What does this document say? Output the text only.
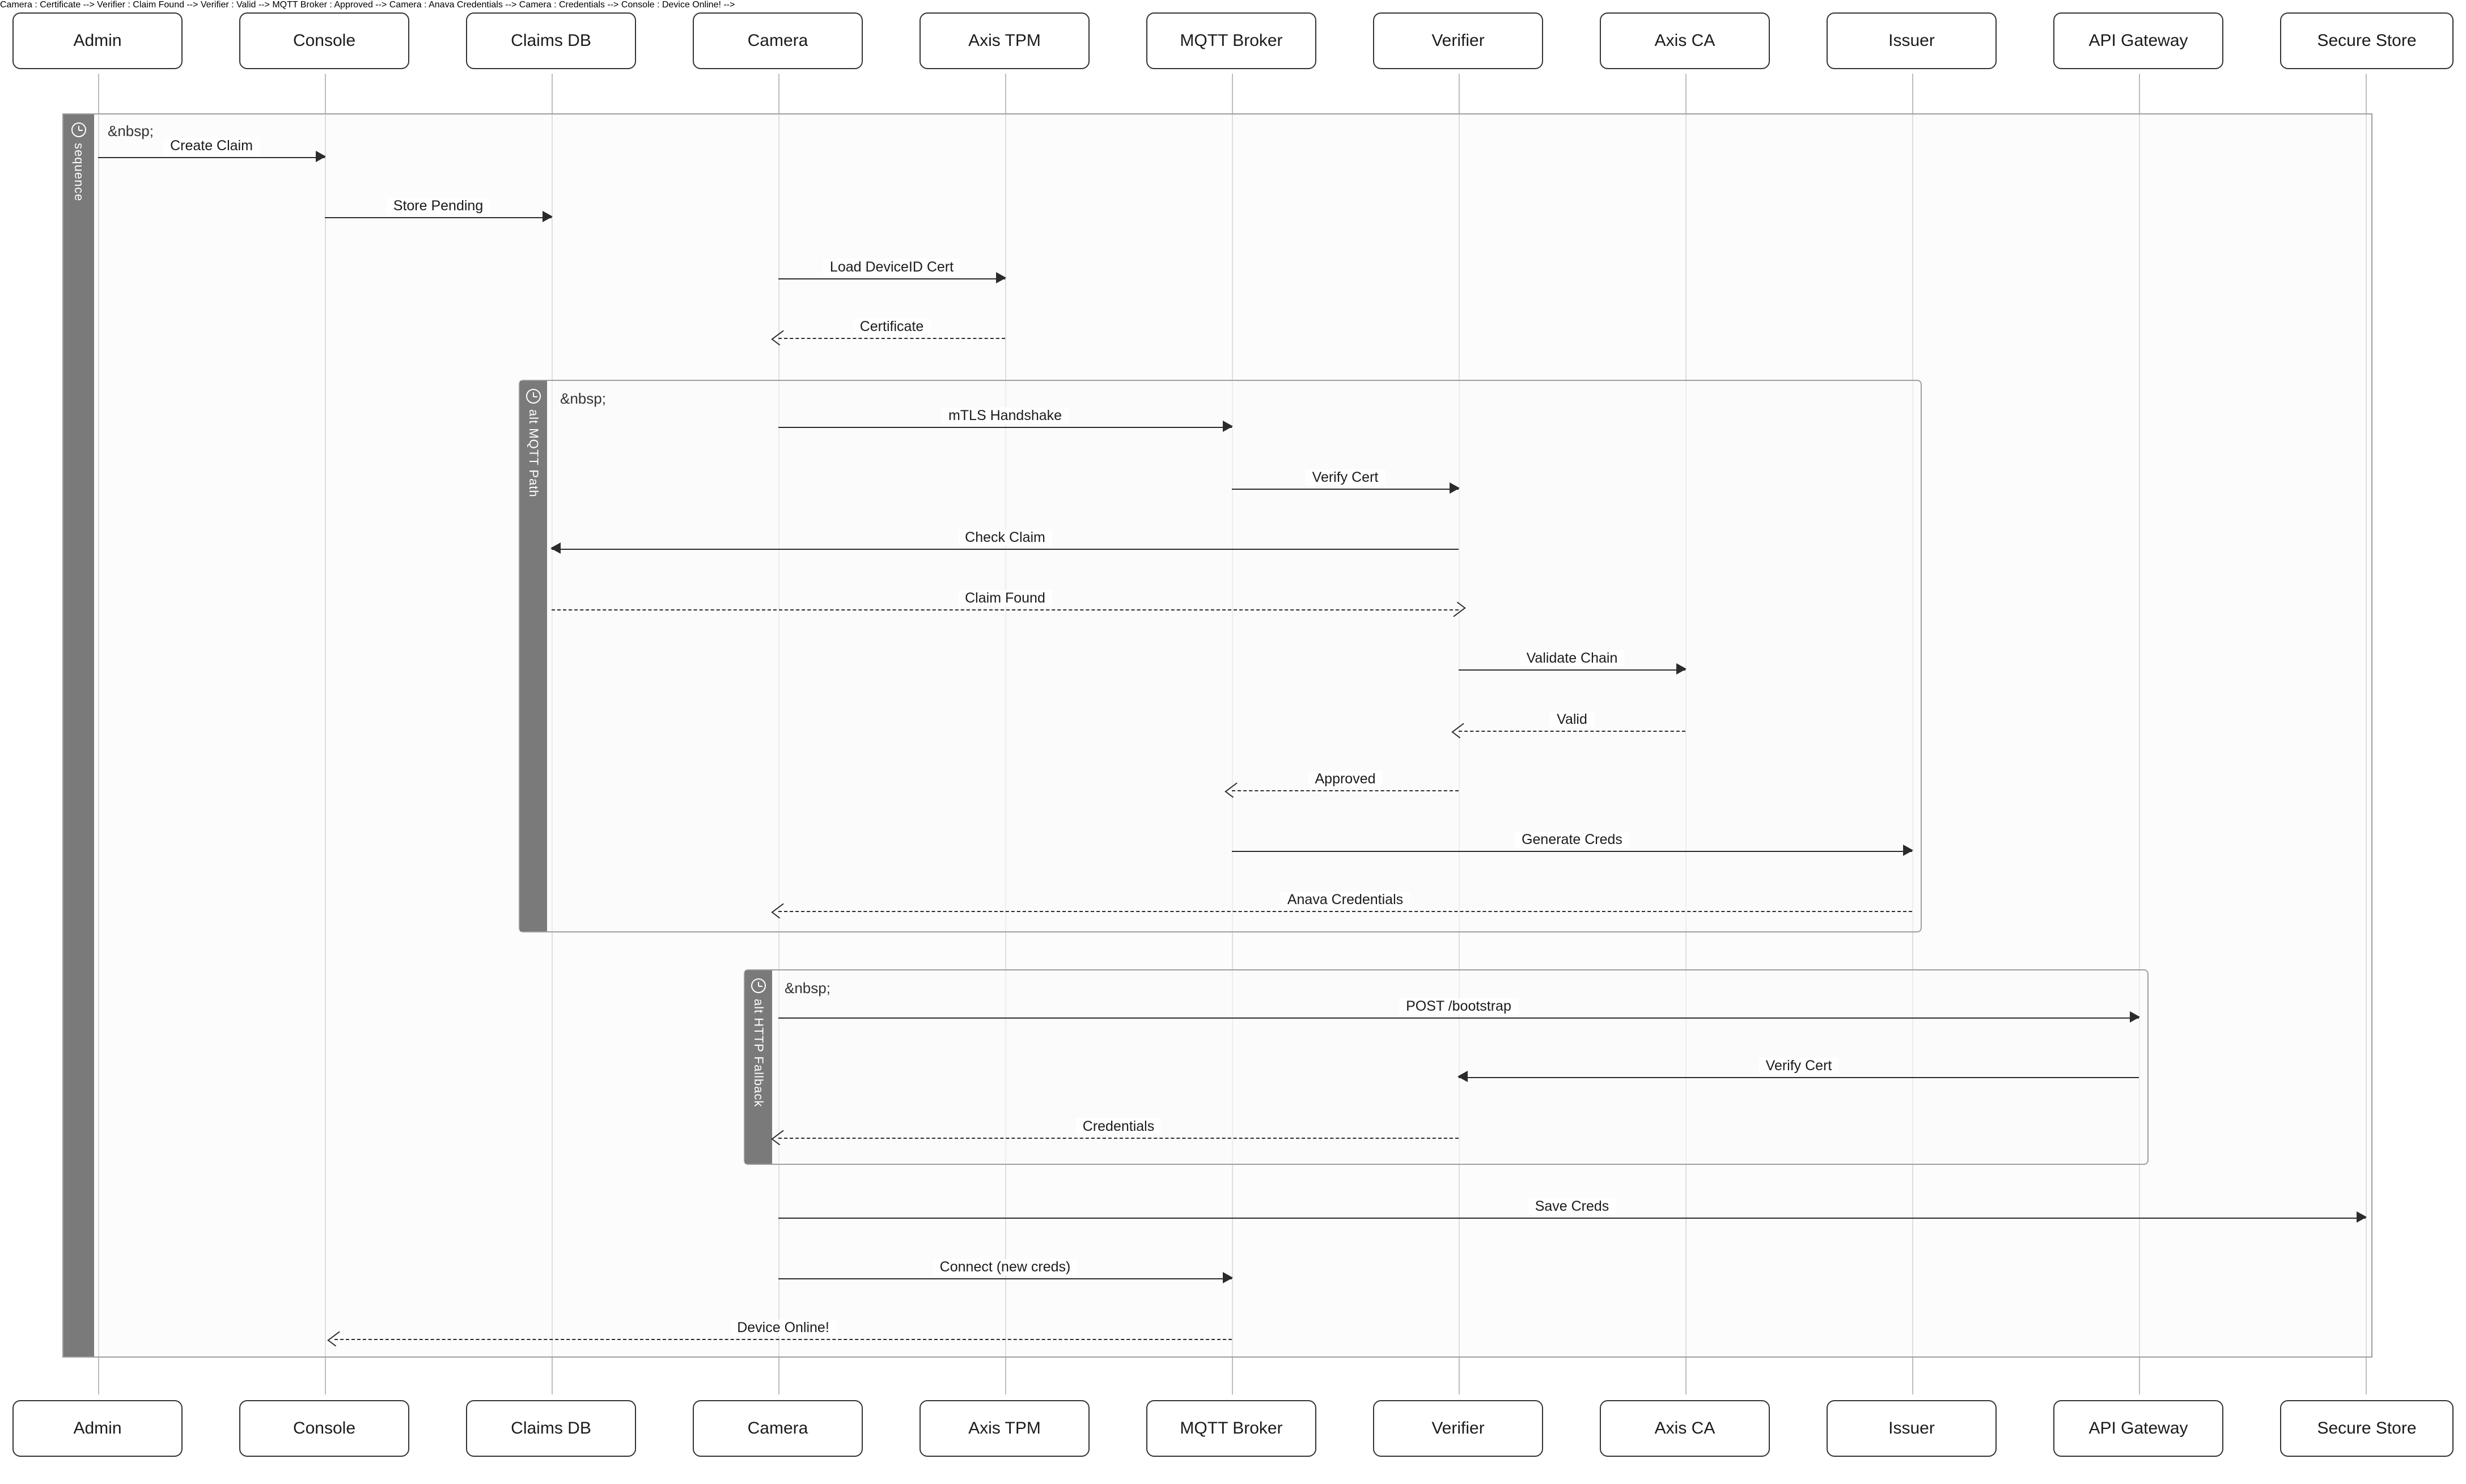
sequence
&nbsp;
alt MQTT Path
&nbsp;
alt HTTP Fallback
&nbsp;
Admin	Console	Claims DB	Camera	Axis TPM	MQTT Broker	Verifier	Axis CA	Issuer	API Gateway	Secure Store
Create Claim
Store Pending
Load DeviceID Cert
Camera : Certificate -->
Certificate
mTLS Handshake
Verify Cert
Check Claim
Verifier : Claim Found -->
Claim Found
Validate Chain
Verifier : Valid -->
Valid
MQTT Broker : Approved -->
Approved
Generate Creds
Camera : Anava Credentials -->
Anava Credentials
POST /bootstrap
Verify Cert
Camera : Credentials -->
Credentials
Save Creds
Connect (new creds)
Console : Device Online! -->
Device Online!
Admin	Console	Claims DB	Camera	Axis TPM	MQTT Broker	Verifier	Axis CA	Issuer	API Gateway	Secure Store
